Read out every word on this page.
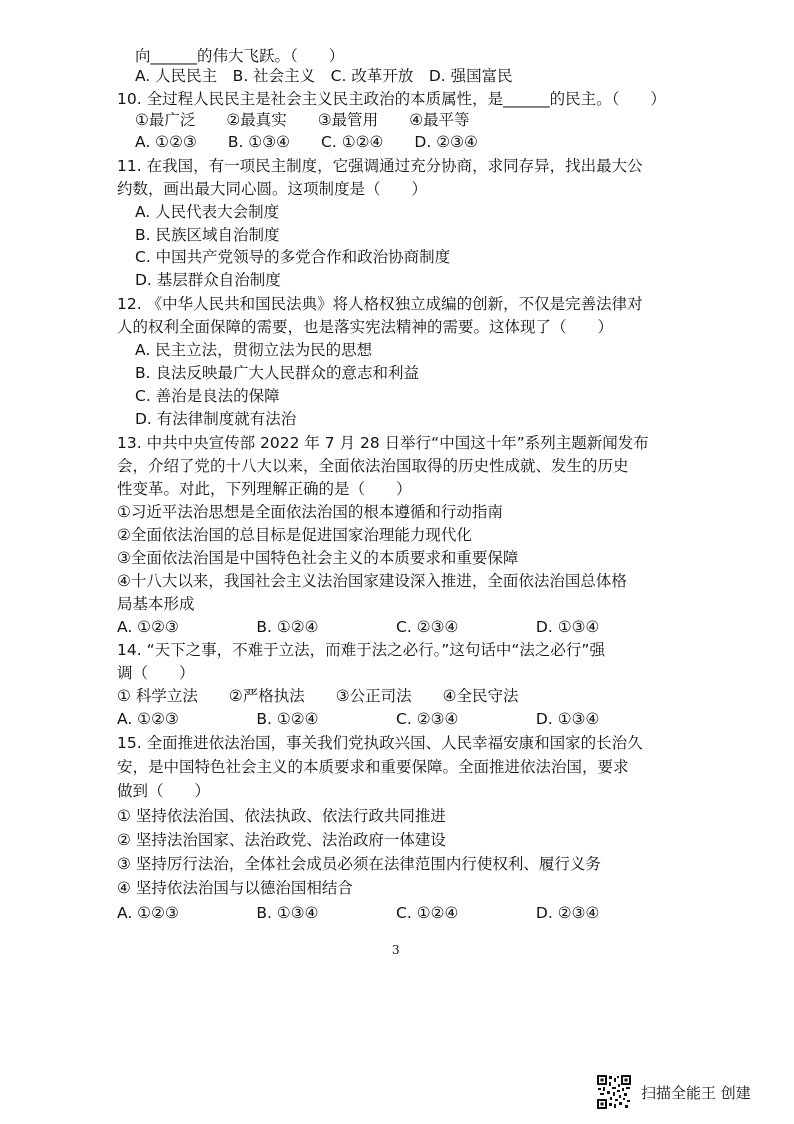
向______的伟大飞跃。（　　）
A. 人民民主　B. 社会主义　C. 改革开放　D. 强国富民
10. 全过程人民民主是社会主义民主政治的本质属性，是______的民主。（　　）
①最广泛　　②最真实　　③最管用　　④最平等
A. ①②③　　B. ①③④　　C. ①②④　　D. ②③④
11. 在我国，有一项民主制度，它强调通过充分协商，求同存异，找出最大公
约数，画出最大同心圆。这项制度是（　　）
A. 人民代表大会制度
B. 民族区域自治制度
C. 中国共产党领导的多党合作和政治协商制度
D. 基层群众自治制度
12. 《中华人民共和国民法典》将人格权独立成编的创新，不仅是完善法律对
人的权利全面保障的需要，也是落实宪法精神的需要。这体现了（　　）
A. 民主立法，贯彻立法为民的思想
B. 良法反映最广大人民群众的意志和利益
C. 善治是良法的保障
D. 有法律制度就有法治
13. 中共中央宣传部 2022 年 7 月 28 日举行“中国这十年”系列主题新闻发布
会，介绍了党的十八大以来，全面依法治国取得的历史性成就、发生的历史
性变革。对此，下列理解正确的是（　　）
①习近平法治思想是全面依法治国的根本遵循和行动指南
②全面依法治国的总目标是促进国家治理能力现代化
③全面依法治国是中国特色社会主义的本质要求和重要保障
④十八大以来，我国社会主义法治国家建设深入推进，全面依法治国总体格
局基本形成
A. ①②③　　　　　B. ①②④　　　　　C. ②③④　　　　　D. ①③④
14. “天下之事，不难于立法，而难于法之必行。”这句话中“法之必行”强
调（　　）
① 科学立法　　②严格执法　　③公正司法　　④全民守法
A. ①②③　　　　　B. ①②④　　　　　C. ②③④　　　　　D. ①③④
15. 全面推进依法治国，事关我们党执政兴国、人民幸福安康和国家的长治久
安，是中国特色社会主义的本质要求和重要保障。全面推进依法治国，要求
做到（　　）
① 坚持依法治国、依法执政、依法行政共同推进
② 坚持法治国家、法治政党、法治政府一体建设
③ 坚持厉行法治，全体社会成员必须在法律范围内行使权利、履行义务
④ 坚持依法治国与以德治国相结合
A. ①②③　　　　　B. ①③④　　　　　C. ①②④　　　　　D. ②③④
3
扫描全能王 创建
